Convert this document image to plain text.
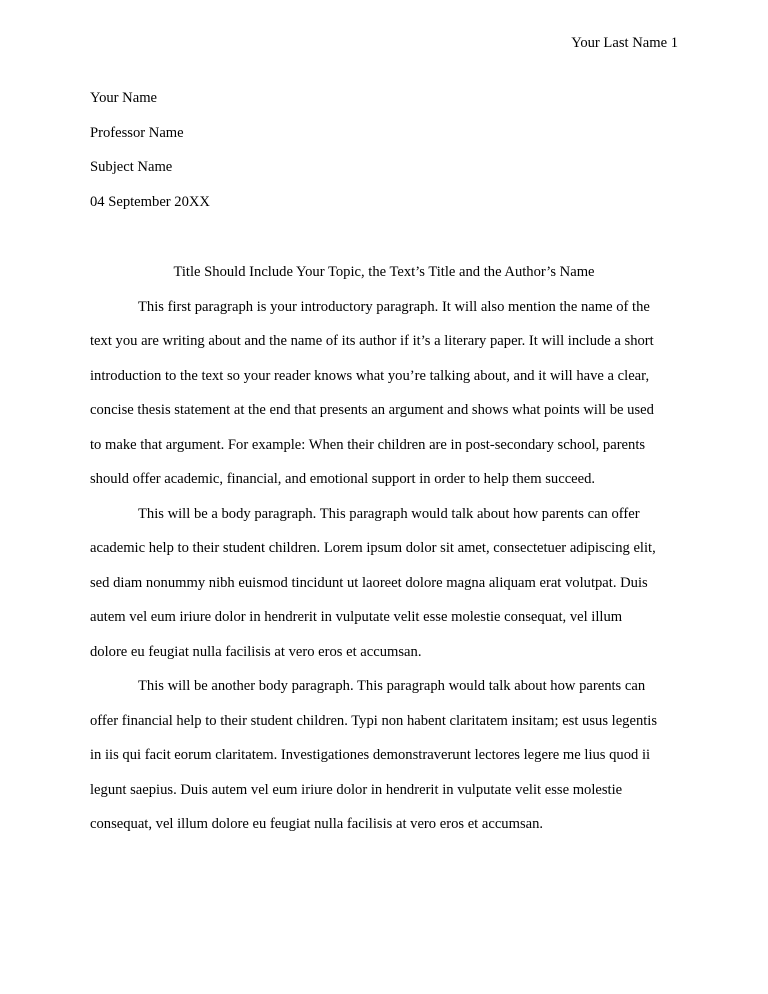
Your Last Name 1
Your Name
Professor Name
Subject Name
04 September 20XX
Title Should Include Your Topic, the Text’s Title and the Author’s Name
This first paragraph is your introductory paragraph. It will also mention the name of the
text you are writing about and the name of its author if it’s a literary paper. It will include a short
introduction to the text so your reader knows what you’re talking about, and it will have a clear,
concise thesis statement at the end that presents an argument and shows what points will be used
to make that argument. For example: When their children are in post-secondary school, parents
should offer academic, financial, and emotional support in order to help them succeed.
This will be a body paragraph. This paragraph would talk about how parents can offer
academic help to their student children. Lorem ipsum dolor sit amet, consectetuer adipiscing elit,
sed diam nonummy nibh euismod tincidunt ut laoreet dolore magna aliquam erat volutpat. Duis
autem vel eum iriure dolor in hendrerit in vulputate velit esse molestie consequat, vel illum
dolore eu feugiat nulla facilisis at vero eros et accumsan.
This will be another body paragraph. This paragraph would talk about how parents can
offer financial help to their student children. Typi non habent claritatem insitam; est usus legentis
in iis qui facit eorum claritatem. Investigationes demonstraverunt lectores legere me lius quod ii
legunt saepius. Duis autem vel eum iriure dolor in hendrerit in vulputate velit esse molestie
consequat, vel illum dolore eu feugiat nulla facilisis at vero eros et accumsan.
